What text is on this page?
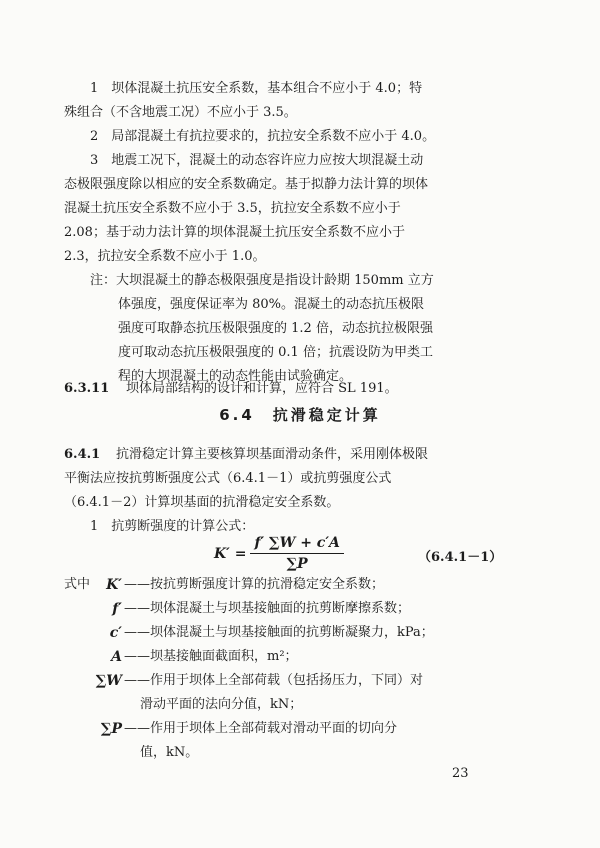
1　坝体混凝土抗压安全系数，基本组合不应小于 4.0；特
殊组合（不含地震工况）不应小于 3.5。
2　局部混凝土有抗拉要求的，抗拉安全系数不应小于 4.0。
3　地震工况下，混凝土的动态容许应力应按大坝混凝土动
态极限强度除以相应的安全系数确定。基于拟静力法计算的坝体
混凝土抗压安全系数不应小于 3.5，抗拉安全系数不应小于
2.08；基于动力法计算的坝体混凝土抗压安全系数不应小于
2.3，抗拉安全系数不应小于 1.0。
注：大坝混凝土的静态极限强度是指设计龄期 150mm 立方
体强度，强度保证率为 80%。混凝土的动态抗压极限
强度可取静态抗压极限强度的 1.2 倍，动态抗拉极限强
度可取动态抗压极限强度的 0.1 倍；抗震设防为甲类工
程的大坝混凝土的动态性能由试验确定。
6.3.11 坝体局部结构的设计和计算，应符合 SL 191。
6.4　抗滑稳定计算
6.4.1 抗滑稳定计算主要核算坝基面滑动条件，采用刚体极限
平衡法应按抗剪断强度公式（6.4.1－1）或抗剪强度公式
（6.4.1－2）计算坝基面的抗滑稳定安全系数。
1　抗剪断强度的计算公式：
$K' = \frac{f' \sum W + c'A}{\sum P}$	（6.4.1－1）
式中	K′ ——按抗剪断强度计算的抗滑稳定安全系数；
f′ ——坝体混凝土与坝基接触面的抗剪断摩擦系数；
c′ ——坝体混凝土与坝基接触面的抗剪断凝聚力，kPa；
A ——坝基接触面截面积，m²；
∑W ——作用于坝体上全部荷载（包括扬压力，下同）对
滑动平面的法向分值，kN；
∑P ——作用于坝体上全部荷载对滑动平面的切向分
值，kN。
23
